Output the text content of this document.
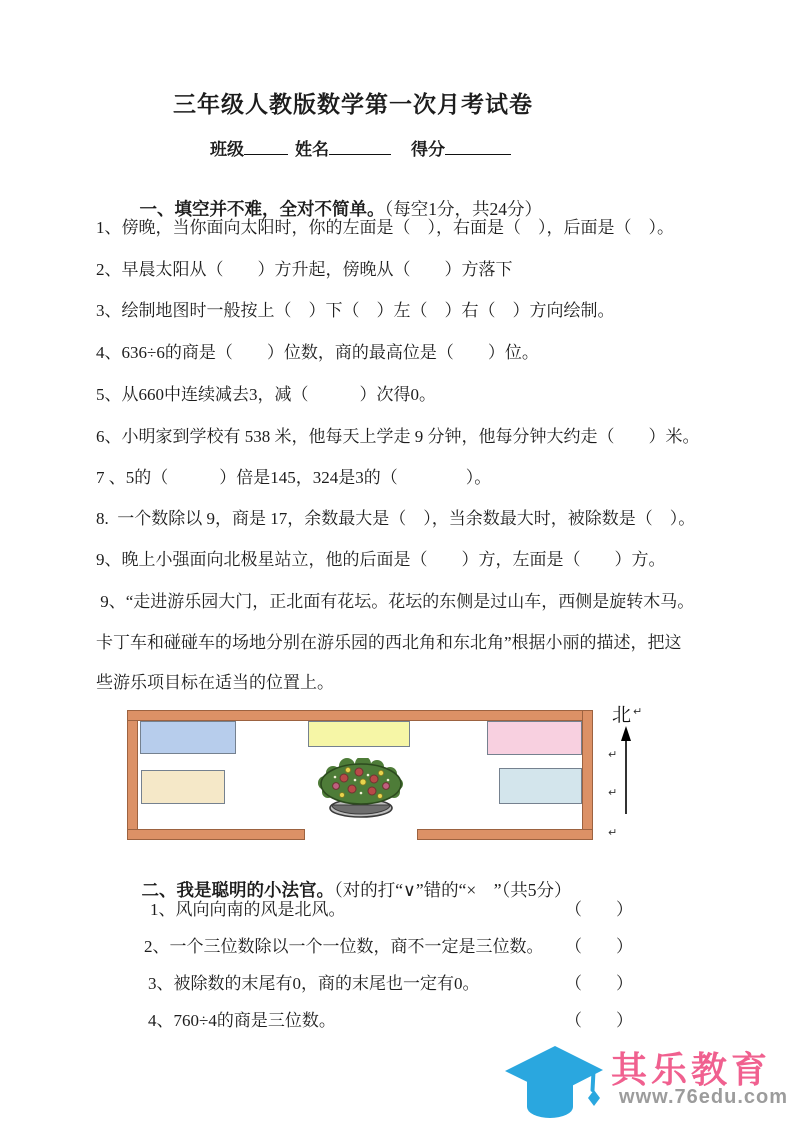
三年级人教版数学第一次月考试卷
班级	姓名	得分

一、填空并不难，全对不简单。（每空1分，共24分）

1、傍晚，当你面向太阳时，你的左面是（　），右面是（　），后面是（　）。
2、早晨太阳从（　　）方升起，傍晚从（　　）方落下
3、绘制地图时一般按上（　）下（　）左（　）右（　）方向绘制。
4、636÷6的商是（　　）位数，商的最高位是（　　）位。
5、从660中连续减去3，减（　　　）次得0。
6、小明家到学校有 538 米，他每天上学走 9 分钟，他每分钟大约走（　　）米。
7 、5的（　　　）倍是145，324是3的（　　　　）。
8.  一个数除以 9，商是 17，余数最大是（　），当余数最大时，被除数是（　）。
9、晚上小强面向北极星站立，他的后面是（　　）方，左面是（　　）方。
9、“走进游乐园大门，正北面有花坛。花坛的东侧是过山车，西侧是旋转木马。
卡丁车和碰碰车的场地分别在游乐园的西北角和东北角”根据小丽的描述，把这
些游乐项目标在适当的位置上。
北 ↵
↵
↵
↵

二、我是聪明的小法官。（对的打“∨”错的“×　”（共5分）

1、风向向南的风是北风。	（　　）
2、一个三位数除以一个一位数，商不一定是三位数。 （　　）
3、被除数的末尾有0，商的末尾也一定有0。	（　　）
4、760÷4的商是三位数。	（　　）
其乐教育
www.76edu.com
